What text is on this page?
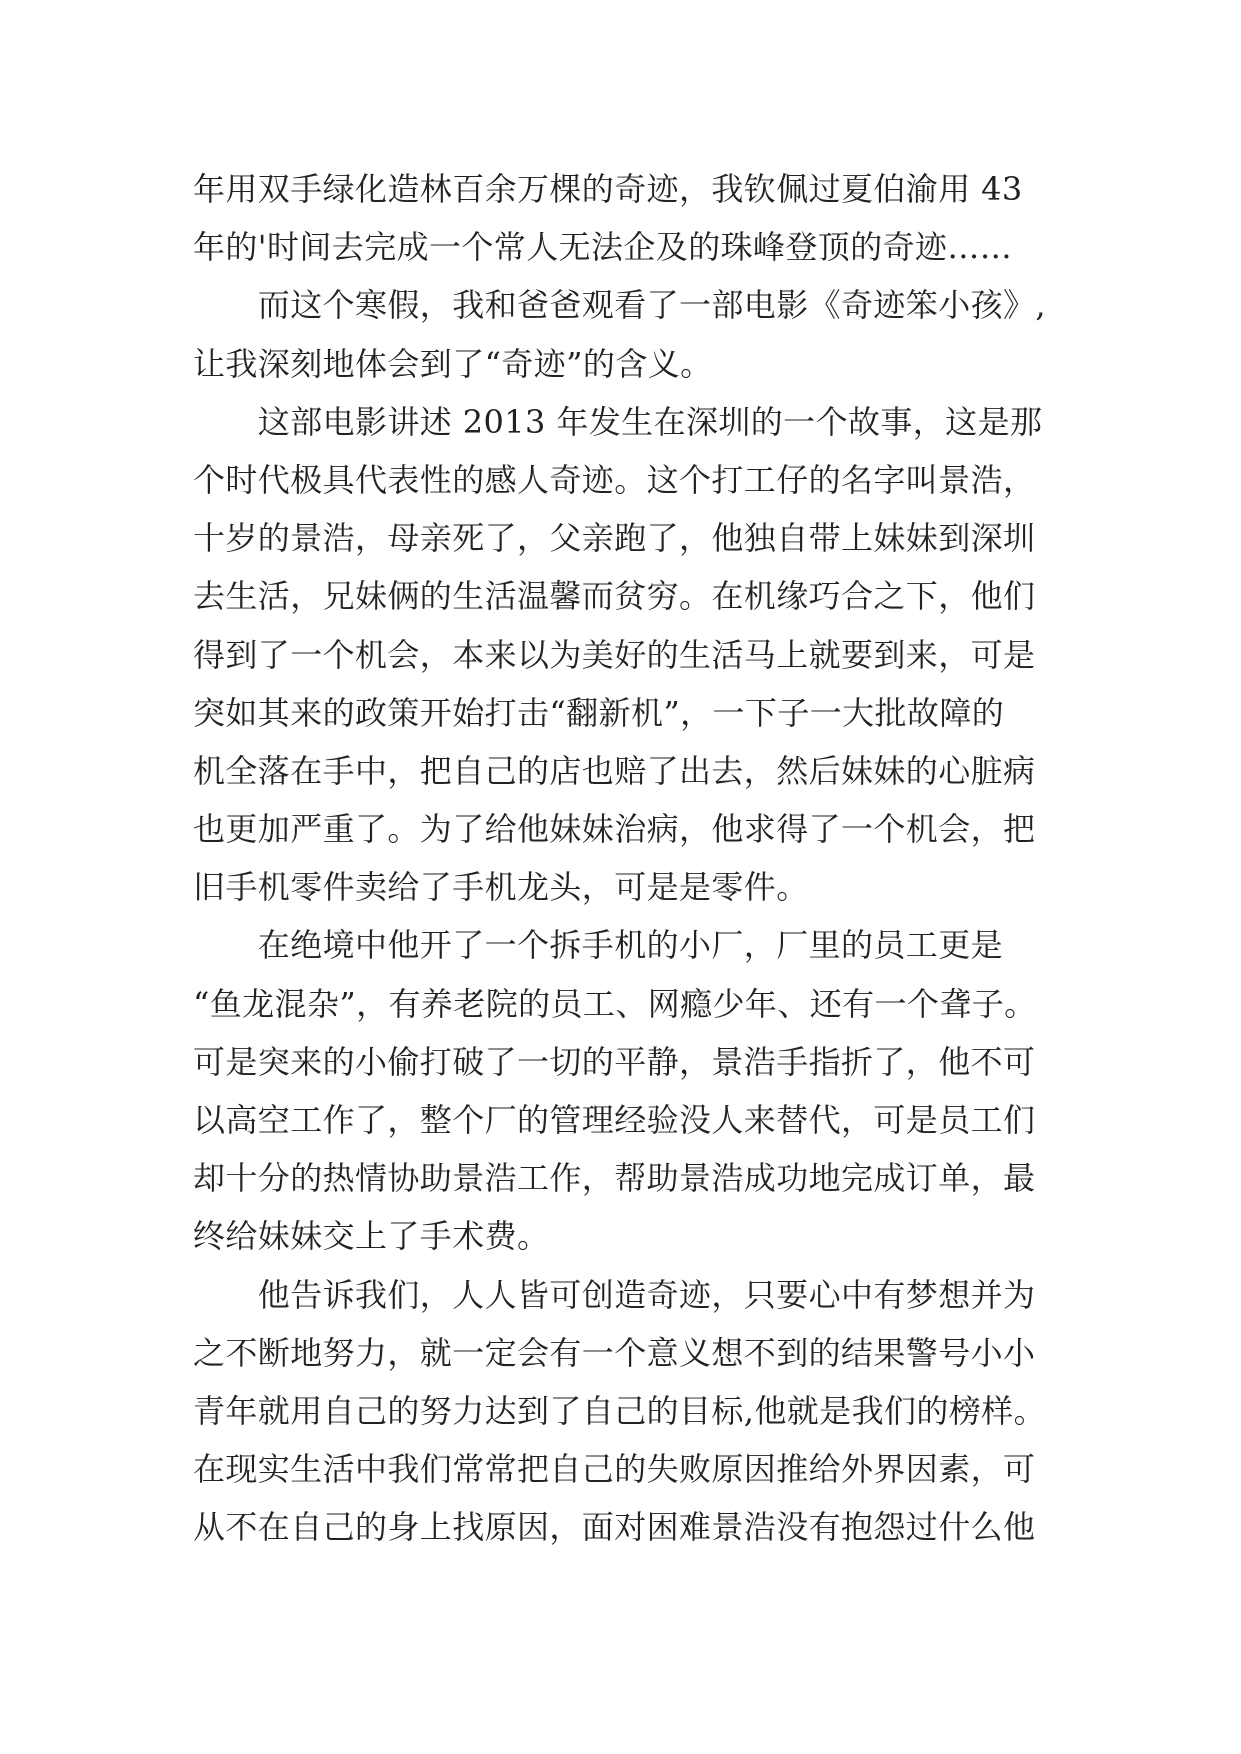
年用双手绿化造林百余万棵的奇迹，我钦佩过夏伯渝用 43
年的'时间去完成一个常人无法企及的珠峰登顶的奇迹……
　　而这个寒假，我和爸爸观看了一部电影《奇迹笨小孩》,
让我深刻地体会到了“奇迹”的含义。
　　这部电影讲述 2013 年发生在深圳的一个故事，这是那
个时代极具代表性的感人奇迹。这个打工仔的名字叫景浩，
十岁的景浩，母亲死了，父亲跑了，他独自带上妹妹到深圳
去生活，兄妹俩的生活温馨而贫穷。在机缘巧合之下，他们
得到了一个机会，本来以为美好的生活马上就要到来，可是
突如其来的政策开始打击“翻新机”，一下子一大批故障的
机全落在手中，把自己的店也赔了出去，然后妹妹的心脏病
也更加严重了。为了给他妹妹治病，他求得了一个机会，把
旧手机零件卖给了手机龙头，可是是零件。
　　在绝境中他开了一个拆手机的小厂，厂里的员工更是
“鱼龙混杂”，有养老院的员工、网瘾少年、还有一个聋子。
可是突来的小偷打破了一切的平静，景浩手指折了，他不可
以高空工作了，整个厂的管理经验没人来替代，可是员工们
却十分的热情协助景浩工作，帮助景浩成功地完成订单，最
终给妹妹交上了手术费。
　　他告诉我们，人人皆可创造奇迹，只要心中有梦想并为
之不断地努力，就一定会有一个意义想不到的结果警号小小
青年就用自己的努力达到了自己的目标,他就是我们的榜样。
在现实生活中我们常常把自己的失败原因推给外界因素，可
从不在自己的身上找原因，面对困难景浩没有抱怨过什么他
